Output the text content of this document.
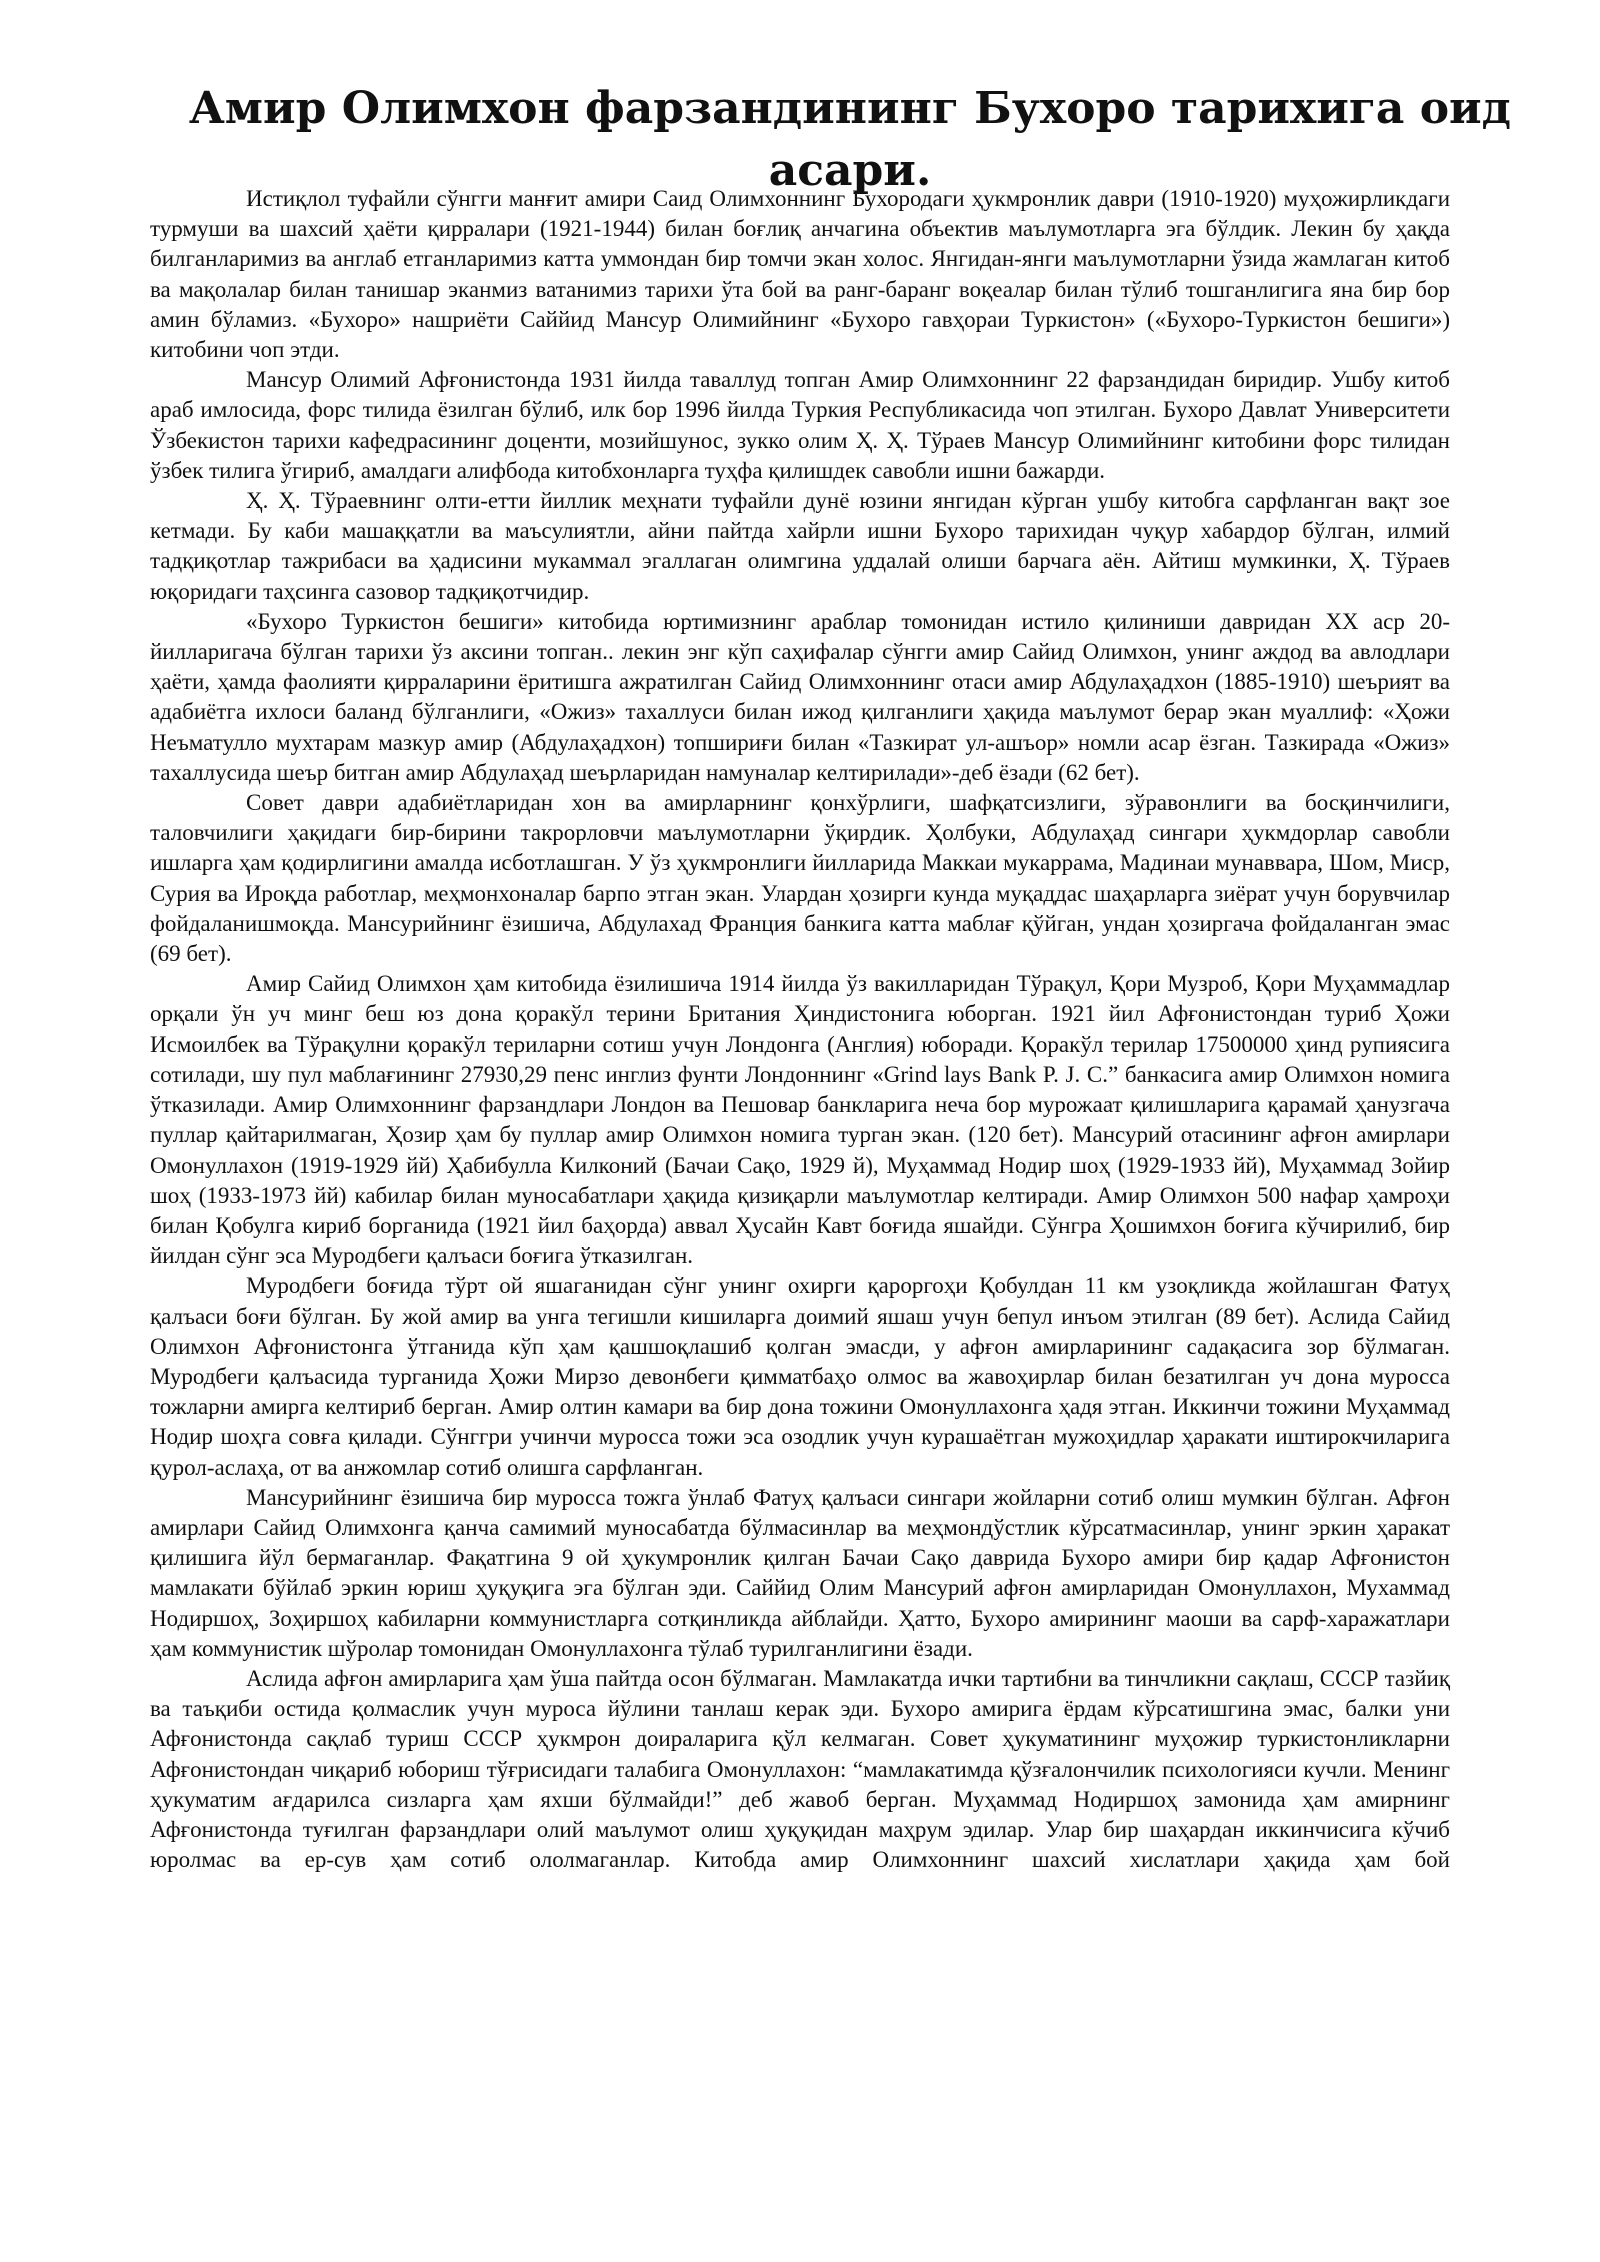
Амир Олимхон фарзандининг Бухоро тарихига оид асари.

Истиқлол туфайли сўнгги манғит амири Саид Олимхоннинг Бухородаги ҳукмронлик даври (1910-1920) муҳожирликдаги турмуши ва шахсий ҳаёти қирралари (1921-1944) билан боғлиқ анчагина объектив маълумотларга эга бўлдик. Лекин бу ҳақда билганларимиз ва англаб етганларимиз катта уммондан бир томчи экан холос. Янгидан-янги маълумотларни ўзида жамлаган китоб ва мақолалар билан танишар эканмиз ватанимиз тарихи ўта бой ва ранг-баранг воқеалар билан тўлиб тошганлигига яна бир бор амин бўламиз. «Бухоро» нашриёти Саййид Мансур Олимийнинг «Бухоро гавҳораи Туркистон» («Бухоро-Туркистон бешиги») китобини чоп этди.

Мансур Олимий Афғонистонда 1931 йилда таваллуд топган Амир Олимхоннинг 22 фарзандидан биридир. Ушбу китоб араб имлосида, форс тилида ёзилган бўлиб, илк бор 1996 йилда Туркия Республикасида чоп этилган. Бухоро Давлат Университети Ўзбекистон тарихи кафедрасининг доценти, мозийшунос, зукко олим Ҳ. Ҳ. Тўраев Мансур Олимийнинг китобини форс тилидан ўзбек тилига ўгириб, амалдаги алифбода китобхонларга туҳфа қилишдек савобли ишни бажарди.

Ҳ. Ҳ. Тўраевнинг олти-етти йиллик меҳнати туфайли дунё юзини янгидан кўрган ушбу китобга сарфланган вақт зое кетмади. Бу каби машаққатли ва маъсулиятли, айни пайтда хайрли ишни Бухоро тарихидан чуқур хабардор бўлган, илмий тадқиқотлар тажрибаси ва ҳадисини мукаммал эгаллаган олимгина уддалай олиши барчага аён. Айтиш мумкинки, Ҳ. Тўраев юқоридаги таҳсинга сазовор тадқиқотчидир.

«Бухоро Туркистон бешиги» китобида юртимизнинг араблар томонидан истило қилиниши давридан XX аср 20-йилларигача бўлган тарихи ўз аксини топган.. лекин энг кўп саҳифалар сўнгги амир Сайид Олимхон, унинг аждод ва авлодлари ҳаёти, ҳамда фаолияти қирраларини ёритишга ажратилган Сайид Олимхоннинг отаси амир Абдулаҳадхон (1885-1910) шеърият ва адабиётга ихлоси баланд бўлганлиги, «Ожиз» тахаллуси билан ижод қилганлиги ҳақида маълумот берар экан муаллиф: «Ҳожи Неъматулло мухтарам мазкур амир (Абдулаҳадхон) топшириғи билан «Тазкират ул-ашъор» номли асар ёзган. Тазкирада «Ожиз» тахаллусида шеър битган амир Абдулаҳад шеърларидан намуналар келтирилади»-деб ёзади (62 бет).

Совет даври адабиётларидан хон ва амирларнинг қонхўрлиги, шафқатсизлиги, зўравонлиги ва босқинчилиги, таловчилиги ҳақидаги бир-бирини такрорловчи маълумотларни ўқирдик. Ҳолбуки, Абдулаҳад сингари ҳукмдорлар савобли ишларга ҳам қодирлигини амалда исботлашган. У ўз ҳукмронлиги йилларида Маккаи мукаррама, Мадинаи мунаввара, Шом, Миср, Сурия ва Ироқда работлар, меҳмонхоналар барпо этган экан. Улардан ҳозирги кунда муқаддас шаҳарларга зиёрат учун борувчилар фойдаланишмоқда. Мансурийнинг ёзишича, Абдулахад Франция банкига катта маблағ қўйган, ундан ҳозиргача фойдаланган эмас (69 бет).

Амир Сайид Олимхон ҳам китобида ёзилишича 1914 йилда ўз вакилларидан Тўрақул, Қори Музроб, Қори Муҳаммадлар орқали ўн уч минг беш юз дона қоракўл терини Британия Ҳиндистонига юборган. 1921 йил Афғонистондан туриб Ҳожи Исмоилбек ва Тўрақулни қоракўл териларни сотиш учун Лондонга (Англия) юборади. Қоракўл терилар 17500000 ҳинд рупиясига сотилади, шу пул маблағининг 27930,29 пенс инглиз фунти Лондоннинг «Grind lays Bank P. J. C.” банкасига амир Олимхон номига ўтказилади. Амир Олимхоннинг фарзандлари Лондон ва Пешовар банкларига неча бор мурожаат қилишларига қарамай ҳанузгача пуллар қайтарилмаган, Ҳозир ҳам бу пуллар амир Олимхон номига турган экан. (120 бет). Мансурий отасининг афғон амирлари Омонуллахон (1919-1929 йй) Ҳабибулла Килконий (Бачаи Сақо, 1929 й), Муҳаммад Нодир шоҳ (1929-1933 йй), Муҳаммад Зойир шоҳ (1933-1973 йй) кабилар билан муносабатлари ҳақида қизиқарли маълумотлар келтиради. Амир Олимхон 500 нафар ҳамроҳи билан Қобулга кириб борганида (1921 йил баҳорда) аввал Ҳусайн Кавт боғида яшайди. Сўнгра Ҳошимхон боғига кўчирилиб, бир йилдан сўнг эса Муродбеги қалъаси боғига ўтказилган.

Муродбеги боғида тўрт ой яшаганидан сўнг унинг охирги қароргоҳи Қобулдан 11 км узоқликда жойлашган Фатуҳ қалъаси боғи бўлган. Бу жой амир ва унга тегишли кишиларга доимий яшаш учун бепул инъом этилган (89 бет). Аслида Сайид Олимхон Афғонистонга ўтганида кўп ҳам қашшоқлашиб қолган эмасди, у афғон амирларининг садақасига зор бўлмаган. Муродбеги қалъасида турганида Ҳожи Мирзо девонбеги қимматбаҳо олмос ва жавоҳирлар билан безатилган уч дона муросса тожларни амирга келтириб берган. Амир олтин камари ва бир дона тожини Омонуллахонга ҳадя этган. Иккинчи тожини Муҳаммад Нодир шоҳга совға қилади. Сўнггри учинчи муросса тожи эса озодлик учун курашаётган мужоҳидлар ҳаракати иштирокчиларига қурол-аслаҳа, от ва анжомлар сотиб олишга сарфланган.

Мансурийнинг ёзишича бир муросса тожга ўнлаб Фатуҳ қалъаси сингари жойларни сотиб олиш мумкин бўлган. Афғон амирлари Сайид Олимхонга қанча самимий муносабатда бўлмасинлар ва меҳмондўстлик кўрсатмасинлар, унинг эркин ҳаракат қилишига йўл бермаганлар. Фақатгина 9 ой ҳукумронлик қилган Бачаи Сақо даврида Бухоро амири бир қадар Афғонистон мамлакати бўйлаб эркин юриш ҳуқуқига эга бўлган эди. Саййид Олим Мансурий афғон амирларидан Омонуллахон, Мухаммад Нодиршоҳ, Зоҳиршоҳ кабиларни коммунистларга сотқинликда айблайди. Ҳатто, Бухоро амирининг маоши ва сарф-харажатлари ҳам коммунистик шўролар томонидан Омонуллахонга тўлаб турилганлигини ёзади.

Аслида афғон амирларига ҳам ўша пайтда осон бўлмаган. Мамлакатда ички тартибни ва тинчликни сақлаш, СССР тазйиқ ва таъқиби остида қолмаслик учун муроса йўлини танлаш керак эди. Бухоро амирига ёрдам кўрсатишгина эмас, балки уни Афғонистонда сақлаб туриш СССР ҳукмрон доираларига қўл келмаган. Совет ҳукуматининг муҳожир туркистонликларни Афғонистондан чиқариб юбориш тўғрисидаги талабига Омонуллахон: “мамлакатимда қўзғалончилик психологияси кучли. Менинг ҳукуматим ағдарилса сизларга ҳам яхши бўлмайди!” деб жавоб берган. Муҳаммад Нодиршоҳ замонида ҳам амирнинг Афғонистонда туғилган фарзандлари олий маълумот олиш ҳуқуқидан маҳрум эдилар. Улар бир шаҳардан иккинчисига кўчиб юролмас ва ер-сув ҳам сотиб ололмаганлар. Китобда амир Олимхоннинг шахсий хислатлари ҳақида ҳам бой
